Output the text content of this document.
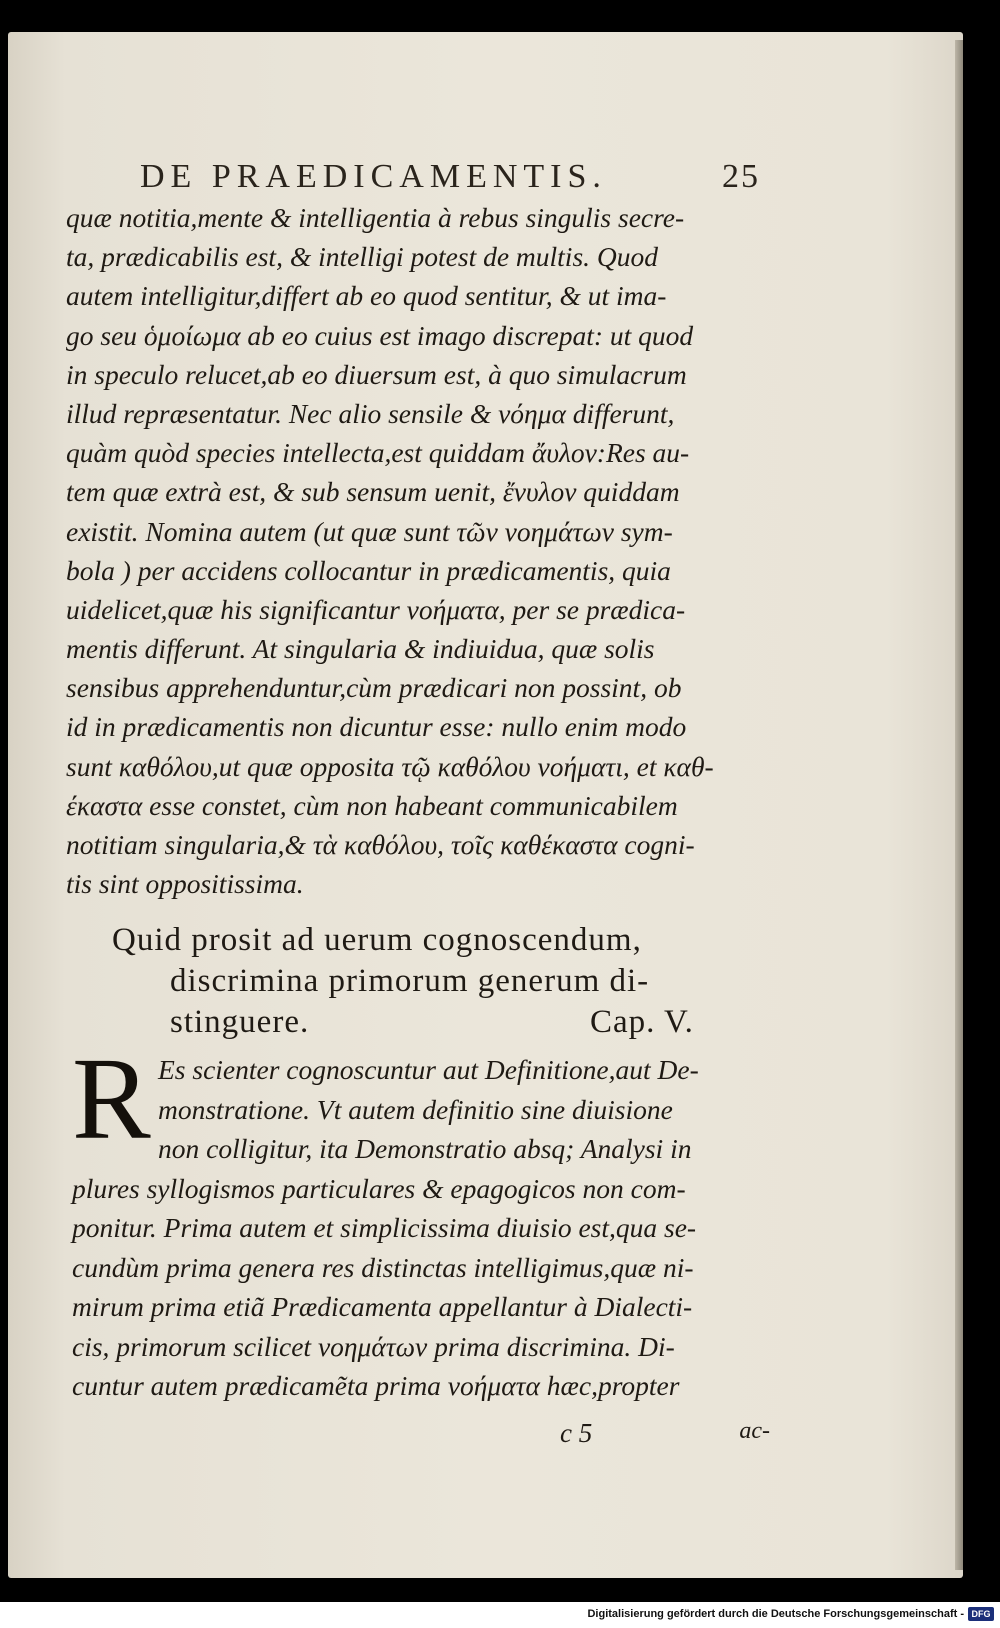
DE PRAEDICAMENTIS.	25
quæ notitia,mente & intelligentia à rebus singulis secre-
ta, prædicabilis est, & intelligi potest de multis. Quod
autem intelligitur,differt ab eo quod sentitur, & ut ima-
go seu ὁμοίωμα ab eo cuius est imago discrepat: ut quod
in speculo relucet,ab eo diuersum est, à quo simulacrum
illud repræsentatur. Nec alio sensile & νόημα differunt,
quàm quòd species intellecta,est quiddam ἄυλον:Res au-
tem quæ extrà est, & sub sensum uenit, ἔνυλον quiddam
existit. Nomina autem (ut quæ sunt τῶν νοημάτων sym-
bola ) per accidens collocantur in prædicamentis, quia
uidelicet,quæ his significantur νοήματα, per se prædica-
mentis differunt. At singularia & indiuidua, quæ solis
sensibus apprehenduntur,cùm prædicari non possint, ob
id in prædicamentis non dicuntur esse: nullo enim modo
sunt καθόλου,ut quæ opposita τῷ καθόλου νοήματι, et καθ-
έκαστα esse constet, cùm non habeant communicabilem
notitiam singularia,& τὰ καθόλου, τοῖς καθέκαστα cogni-
tis sint oppositissima.
Quid prosit ad uerum cognoscendum,
discrimina primorum generum di-
stinguere.	Cap. V.
R Es scienter cognoscuntur aut Definitione,aut De-
monstratione. Vt autem definitio sine diuisione
non colligitur, ita Demonstratio absq; Analysi in
plures syllogismos particulares & epagogicos non com-
ponitur. Prima autem et simplicissima diuisio est,qua se-
cundùm prima genera res distinctas intelligimus,quæ ni-
mirum prima etiã Prædicamenta appellantur à Dialecti-
cis, primorum scilicet νοημάτων prima discrimina. Di-
cuntur autem prædicamẽta prima νοήματα hæc,propter
c 5	ac-
Digitalisierung gefördert durch die Deutsche Forschungsgemeinschaft - DFG
